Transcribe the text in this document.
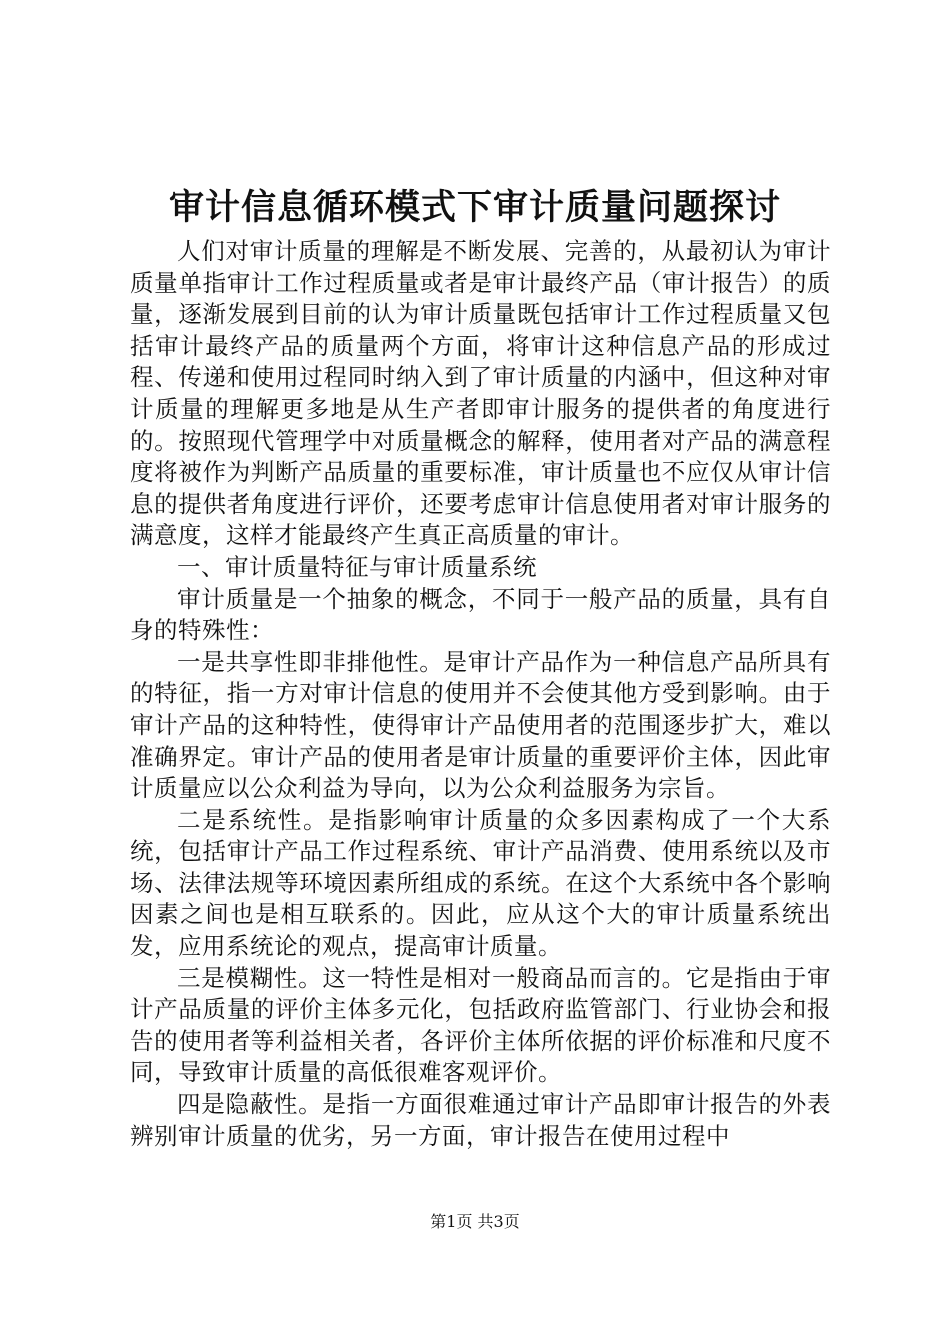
审计信息循环模式下审计质量问题探讨

人们对审计质量的理解是不断发展、完善的，从最初认为审计质量单指审计工作过程质量或者是审计最终产品（审计报告）的质量，逐渐发展到目前的认为审计质量既包括审计工作过程质量又包括审计最终产品的质量两个方面，将审计这种信息产品的形成过程、传递和使用过程同时纳入到了审计质量的内涵中，但这种对审计质量的理解更多地是从生产者即审计服务的提供者的角度进行的。按照现代管理学中对质量概念的解释，使用者对产品的满意程度将被作为判断产品质量的重要标准，审计质量也不应仅从审计信息的提供者角度进行评价，还要考虑审计信息使用者对审计服务的满意度，这样才能最终产生真正高质量的审计。

一、审计质量特征与审计质量系统

审计质量是一个抽象的概念，不同于一般产品的质量，具有自身的特殊性：

一是共享性即非排他性。是审计产品作为一种信息产品所具有的特征，指一方对审计信息的使用并不会使其他方受到影响。由于审计产品的这种特性，使得审计产品使用者的范围逐步扩大，难以准确界定。审计产品的使用者是审计质量的重要评价主体，因此审计质量应以公众利益为导向，以为公众利益服务为宗旨。

二是系统性。是指影响审计质量的众多因素构成了一个大系统，包括审计产品工作过程系统、审计产品消费、使用系统以及市场、法律法规等环境因素所组成的系统。在这个大系统中各个影响因素之间也是相互联系的。因此，应从这个大的审计质量系统出发，应用系统论的观点，提高审计质量。

三是模糊性。这一特性是相对一般商品而言的。它是指由于审计产品质量的评价主体多元化，包括政府监管部门、行业协会和报告的使用者等利益相关者，各评价主体所依据的评价标准和尺度不同，导致审计质量的高低很难客观评价。

四是隐蔽性。是指一方面很难通过审计产品即审计报告的外表辨别审计质量的优劣，另一方面，审计报告在使用过程中

第1页 共3页
